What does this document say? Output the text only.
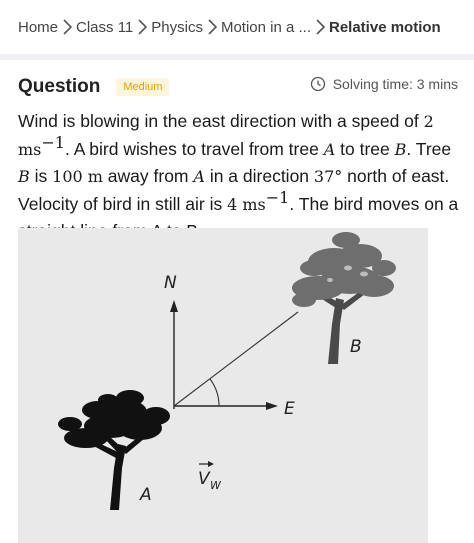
Home Class 11 Physics Motion in a ... Relative motion
Question	Medium	Solving time: 3 mins
Wind is blowing in the east direction with a speed of 2 $ms^{-1}$. A bird wishes to travel from tree A to tree B. Tree B is 100 m away from A in a direction 37° north of east. Velocity of bird in still air is 4 $ms^{-1}$. The bird moves on a
N
E
A
B
V W
